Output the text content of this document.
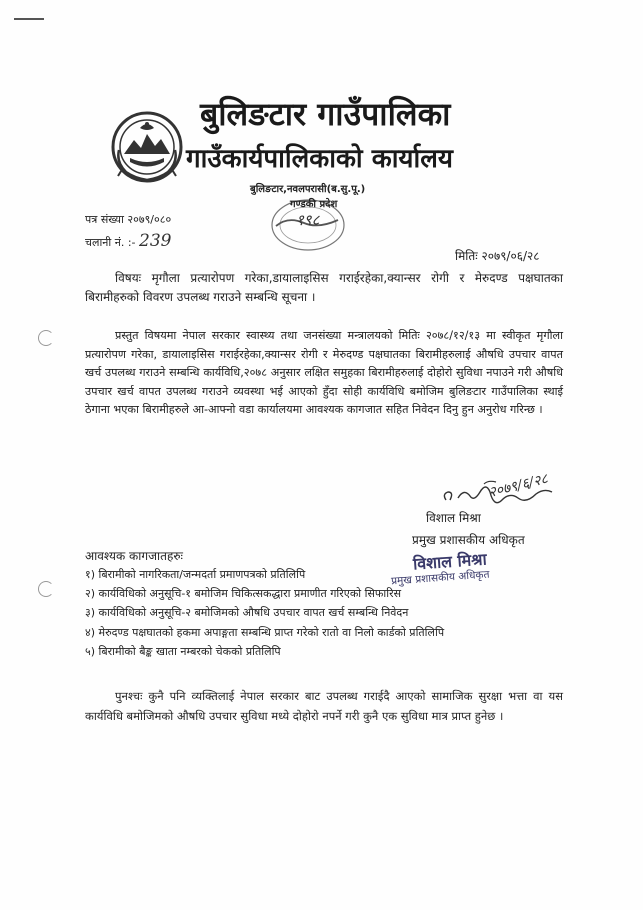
बुलिङटार गाउँपालिका
गाउँकार्यपालिकाको कार्यालय
बुलिङटार,नवलपरासी(ब.सु.पू.)
गण्डकी प्रदेश
१९८
पत्र संख्या २०७९/०८०
चलानी नं. :- 239
मितिः २०७९/०६/२८
विषयः मृगौला प्रत्यारोपण गरेका,डायालाइसिस गराईरहेका,क्यान्सर रोगी र मेरुदण्ड पक्षघातका बिरामीहरुको विवरण उपलब्ध गराउने सम्बन्धि सूचना ।
प्रस्तुत विषयमा नेपाल सरकार स्वास्थ्य तथा जनसंख्या मन्त्रालयको मितिः २०७८/१२/१३ मा स्वीकृत मृगौला प्रत्यारोपण गरेका, डायालाइसिस गराईरहेका,क्यान्सर रोगी र मेरुदण्ड पक्षघातका बिरामीहरुलाई औषधि उपचार वापत खर्च उपलब्ध गराउने सम्बन्धि कार्यविधि,२०७८ अनुसार लक्षित समुहका बिरामीहरुलाई दोहोरो सुविधा नपाउने गरी औषधि उपचार खर्च वापत उपलब्ध गराउने व्यवस्था भई आएको हुँदा सोही कार्यविधि बमोजिम बुलिङटार गाउँपालिका स्थाई ठेगाना भएका बिरामीहरुले आ-आफ्नो वडा कार्यालयमा आवश्यक कागजात सहित निवेदन दिनु हुन अनुरोध गरिन्छ ।
२०७९/६/२८
विशाल मिश्रा
प्रमुख प्रशासकीय अधिकृत
विशाल मिश्रा
प्रमुख प्रशासकीय अधिकृत
आवश्यक कागजातहरुः
१) बिरामीको नागरिकता/जन्मदर्ता प्रमाणपत्रको प्रतिलिपि
२) कार्यविधिको अनुसूचि-१ बमोजिम चिकित्सकद्धारा प्रमाणीत गरिएको सिफारिस
३) कार्यविधिको अनुसूचि-२ बमोजिमको औषधि उपचार वापत खर्च सम्बन्धि निवेदन
४) मेरुदण्ड पक्षघातको हकमा अपाङ्गता सम्बन्धि प्राप्त गरेको रातो वा निलो कार्डको प्रतिलिपि
५) बिरामीको बैङ्क खाता नम्बरको चेकको प्रतिलिपि
पुनश्चः कुनै पनि व्यक्तिलाई नेपाल सरकार बाट उपलब्ध गराईदै आएको सामाजिक सुरक्षा भत्ता वा यस कार्यविधि बमोजिमको औषधि उपचार सुविधा मध्ये दोहोरो नपर्ने गरी कुनै एक सुविधा मात्र प्राप्त हुनेछ ।
